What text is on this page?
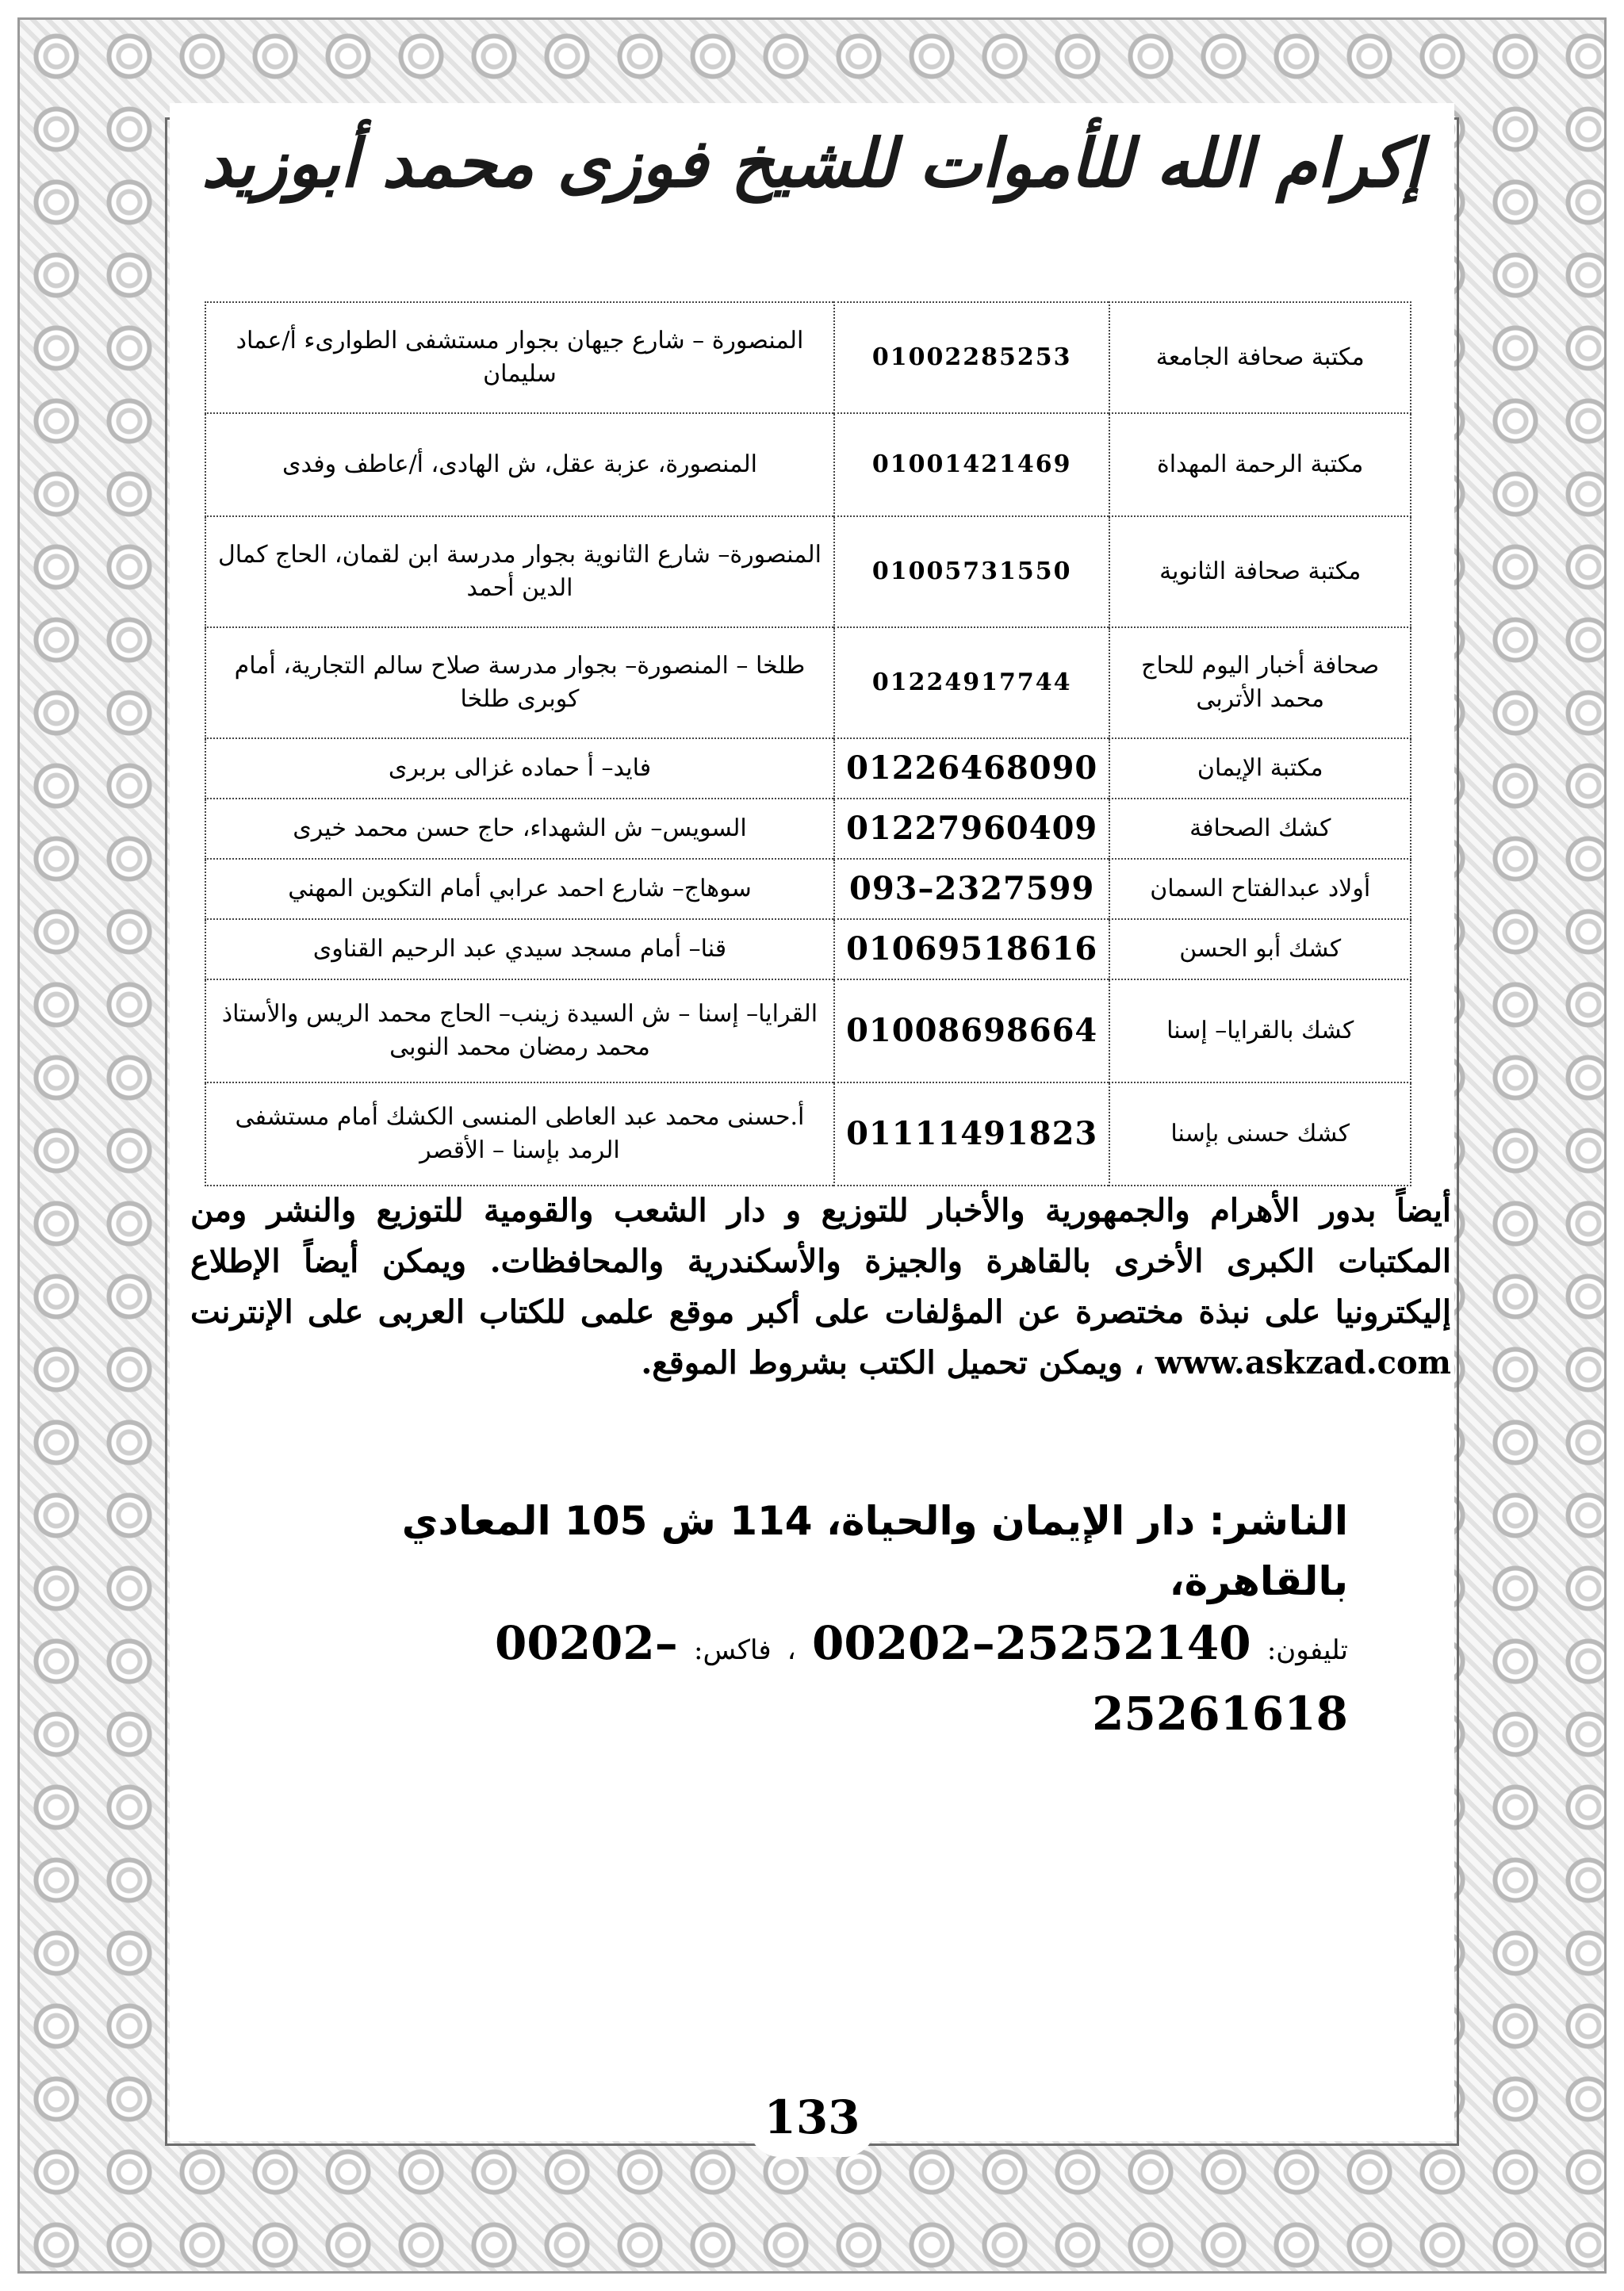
إكرام الله للأموات للشيخ فوزى محمد أبوزيد
مكتبة صحافة الجامعة	01002285253	المنصورة – شارع جيهان بجوار مستشفى الطوارىء أ/عماد سليمان
مكتبة الرحمة المهداة	01001421469	المنصورة، عزبة عقل، ش الهادى، أ/عاطف وفدى
مكتبة صحافة الثانوية	01005731550	المنصورة– شارع الثانوية بجوار مدرسة ابن لقمان، الحاج كمال الدين أحمد
صحافة أخبار اليوم للحاج محمد الأتربى	01224917744	طلخا – المنصورة– بجوار مدرسة صلاح سالم التجارية، أمام كوبرى طلخا
مكتبة الإيمان	01226468090	فايد– أ حماده غزالى بربرى
كشك الصحافة	01227960409	السويس– ش الشهداء، حاج حسن محمد خيرى
أولاد عبدالفتاح السمان	093–2327599	سوهاج– شارع احمد عرابي أمام التكوين المهني
كشك أبو الحسن	01069518616	قنا– أمام مسجد سيدي عبد الرحيم القناوى
كشك بالقرايا– إسنا	01008698664	القرايا– إسنا – ش السيدة زينب– الحاج محمد الريس والأستاذ محمد رمضان محمد النوبى
كشك حسنى بإسنا	01111491823	أ.حسنى محمد عبد العاطى المنسى الكشك أمام مستشفى الرمد بإسنا – الأقصر
أيضاً بدور الأهرام والجمهورية والأخبار للتوزيع و دار الشعب والقومية للتوزيع والنشر ومن المكتبات الكبرى الأخرى بالقاهرة والجيزة والأسكندرية والمحافظات. ويمكن أيضاً الإطلاع إليكترونيا على نبذة مختصرة عن المؤلفات على أكبر موقع علمى للكتاب العربى على الإنترنت www.askzad.com ، ويمكن تحميل الكتب بشروط الموقع.
الناشر: دار الإيمان والحياة، 114 ش 105 المعادي بالقاهرة،
تليفون: 00202–25252140 ، فاكس: 00202–25261618
133
